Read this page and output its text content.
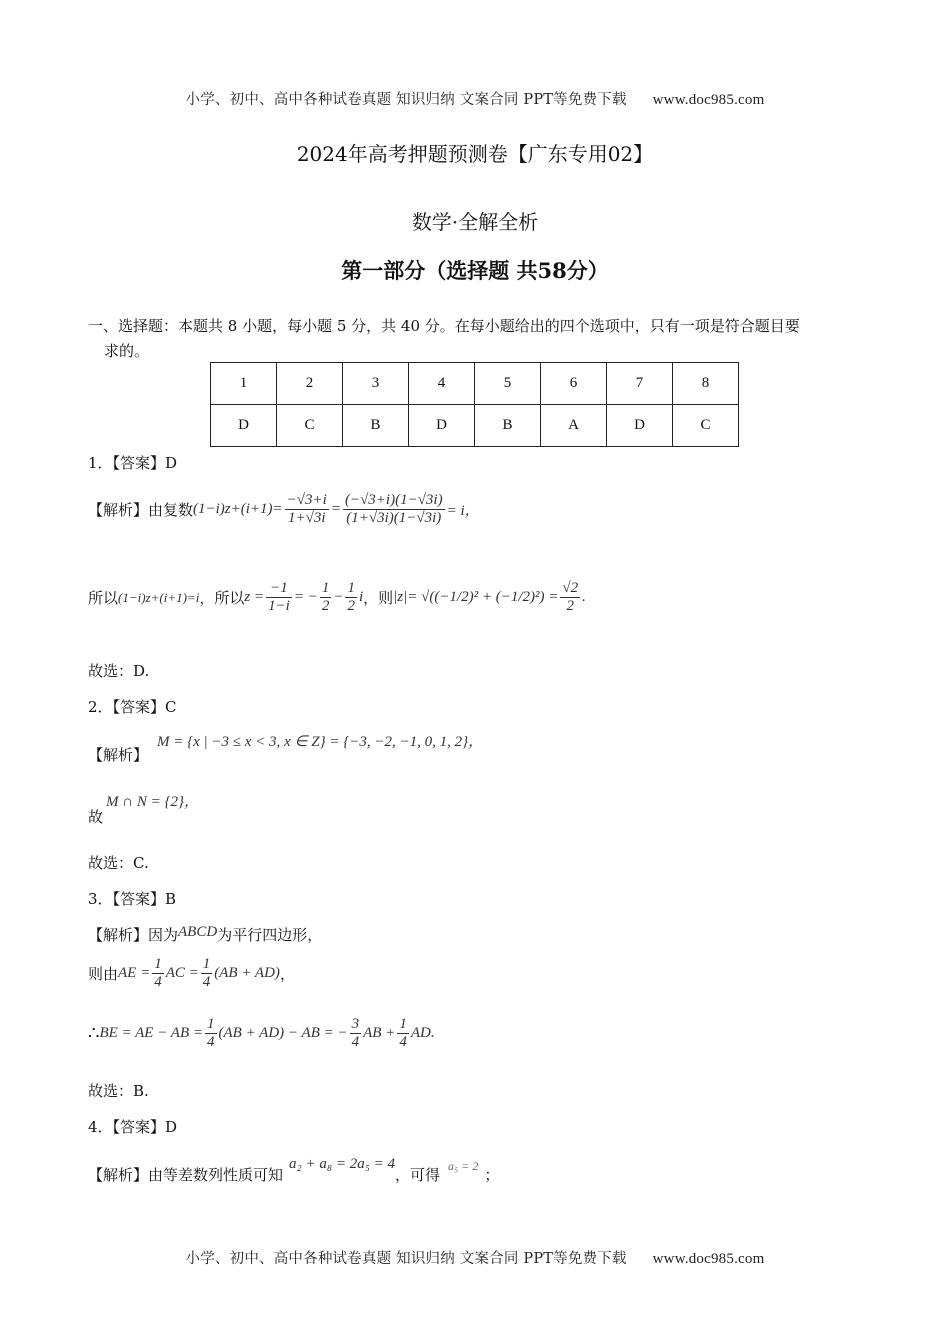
小学、初中、高中各种试卷真题 知识归纳 文案合同 PPT等免费下载 www.doc985.com
2024年高考押题预测卷【广东专用02】
数学·全解全析
第一部分（选择题 共58分）
一、选择题：本题共 8 小题，每小题 5 分，共 40 分。在每小题给出的四个选项中，只有一项是符合题目要
求的。
1	2	3	4	5	6	7	8
D	C	B	D	B	A	D	C
1．【答案】D
【解析】由复数 $(1-i)z+(i+1)= \frac{-√3+i}{1+√3i} = \frac{(-√3+i)(1-√3i)}{(1+√3i)(1-√3i)} = i$，
所以 (1−i)z+(i+1)=i ，所以 $z = \frac{-1}{1-i}$ = − $\frac{1}{2} - \frac{1}{2}$ i ，则 $|z|= √((-1/2)^2 + (-1/2)^2) = \frac{√2}{2}$ .
故选：D.
2．【答案】C
【解析】
M = {x | −3 ≤ x < 3, x ∈ Z} = {−3, −2, −1, 0, 1, 2}，
故
M ∩ N = {2}，
故选：C.
3．【答案】B
【解析】因为ABCD为平行四边形，
则由 AE = $\frac{1}{4}$ AC = $\frac{1}{4} (AB + AD)$ ，
∴ BE = AE − AB = $\frac{1}{4} (AB + AD)$ − AB = − $\frac{3}{4}$ AB + $\frac{1}{4}$ AD .
故选：B.
4．【答案】D
【解析】由等差数列性质可知a₂ + a₈ = 2a₅ = 4，可得 $^{a_5 = 2}$ ；
小学、初中、高中各种试卷真题 知识归纳 文案合同 PPT等免费下载 www.doc985.com
